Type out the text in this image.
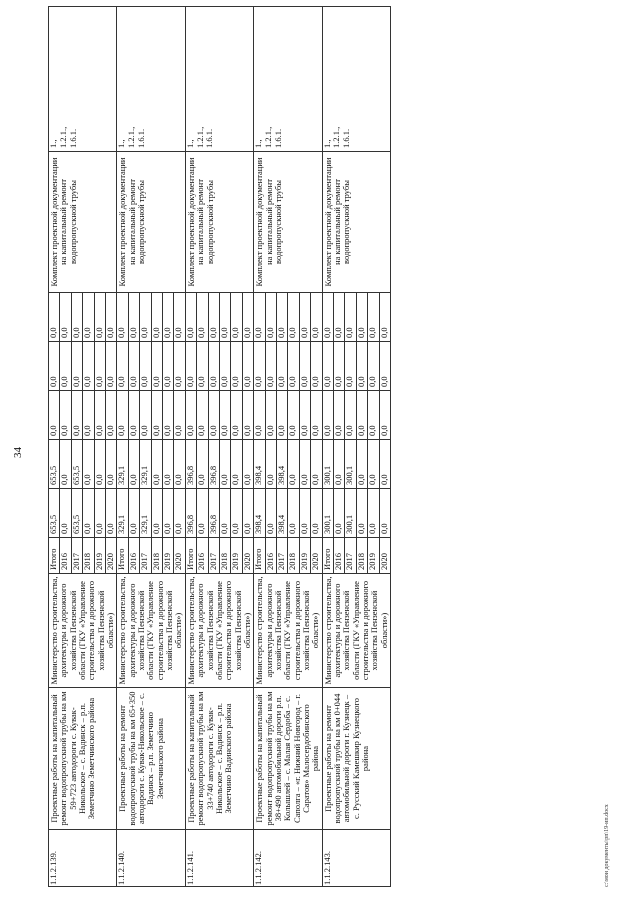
34
1.1.2.139.	Проектные работы на капитальный ремонт водопропускной трубы на км 59+723 автодороги с. Кувак-Никольское – с. Вадинск – р.п. Земетчино Земетчинского района	Министерство строительства, архитектуры и дорожного хозяйства Пензенской области (ГКУ «Управление строительства и дорожного хозяйства Пензенской области»)	Итого	653,5	653,5	0,0	0,0	0,0	Комплект проектной документации на капитальный ремонт водопропускной трубы	1., 1.2.1., 1.6.1.

			2016	0,0	0,0	0,0	0,0	0,0		
			2017	653,5	653,5	0,0	0,0	0,0		
			2018	0,0	0,0	0,0	0,0	0,0		
			2019	0,0	0,0	0,0	0,0	0,0		
			2020	0,0	0,0	0,0	0,0	0,0		
1.1.2.140.	Проектные работы на ремонт водопропускной трубы на км 65+350 автодороги с. Кувак-Никольское – с. Вадинск – р.п. Земетчино Земетчинского района	Министерство строительства, архитектуры и дорожного хозяйства Пензенской области (ГКУ «Управление строительства и дорожного хозяйства Пензенской области»)	Итого	329,1	329,1	0,0	0,0	0,0	Комплект проектной документации на капитальный ремонт водопропускной трубы	1., 1.2.1., 1.6.1.

			2016	0,0	0,0	0,0	0,0	0,0		
			2017	329,1	329,1	0,0	0,0	0,0		
			2018	0,0	0,0	0,0	0,0	0,0		
			2019	0,0	0,0	0,0	0,0	0,0		
			2020	0,0	0,0	0,0	0,0	0,0		
1.1.2.141.	Проектные работы на капитальный ремонт водопропускной трубы на км 33+740 автодороги с. Кувак-Никольское – с. Вадинск – р.п. Земетчино Вадинского района	Министерство строительства, архитектуры и дорожного хозяйства Пензенской области (ГКУ «Управление строительства и дорожного хозяйства Пензенской области»)	Итого	396,8	396,8	0,0	0,0	0,0	Комплект проектной документации на капитальный ремонт водопропускной трубы	1., 1.2.1., 1.6.1.

			2016	0,0	0,0	0,0	0,0	0,0		
			2017	396,8	396,8	0,0	0,0	0,0		
			2018	0,0	0,0	0,0	0,0	0,0		
			2019	0,0	0,0	0,0	0,0	0,0		
			2020	0,0	0,0	0,0	0,0	0,0		
1.1.2.142.	Проектные работы на капитальный ремонт водопропускной трубы на км 38+490 автомобильной дороги р.п. Колышлей – с. Малая Сердоба – с. Саполга – «г. Нижний Новгород – г. Саратов» Малосердобинского района	Министерство строительства, архитектуры и дорожного хозяйства Пензенской области (ГКУ «Управление строительства и дорожного хозяйства Пензенской области»)	Итого	398,4	398,4	0,0	0,0	0,0	Комплект проектной документации на капитальный ремонт водопропускной трубы	1., 1.2.1., 1.6.1.

			2016	0,0	0,0	0,0	0,0	0,0		
			2017	398,4	398,4	0,0	0,0	0,0		
			2018	0,0	0,0	0,0	0,0	0,0		
			2019	0,0	0,0	0,0	0,0	0,0		
			2020	0,0	0,0	0,0	0,0	0,0		
1.1.2.143.	Проектные работы на ремонт водопропускной трубы на км 0+044 автомобильной дороги г. Кузнецк – с. Русский Камешкир Кузнецкого района	Министерство строительства, архитектуры и дорожного хозяйства Пензенской области (ГКУ «Управление строительства и дорожного хозяйства Пензенской области»)	Итого	300,1	300,1	0,0	0,0	0,0	Комплект проектной документации на капитальный ремонт водопропускной трубы	1., 1.2.1., 1.6.1.

			2016	0,0	0,0	0,0	0,0	0,0		
			2017	300,1	300,1	0,0	0,0	0,0		
			2018	0,0	0,0	0,0	0,0	0,0		
			2019	0,0	0,0	0,0	0,0	0,0		
			2020	0,0	0,0	0,0	0,0	0,0		
c:\мои документы\рп\19-ип.docx
